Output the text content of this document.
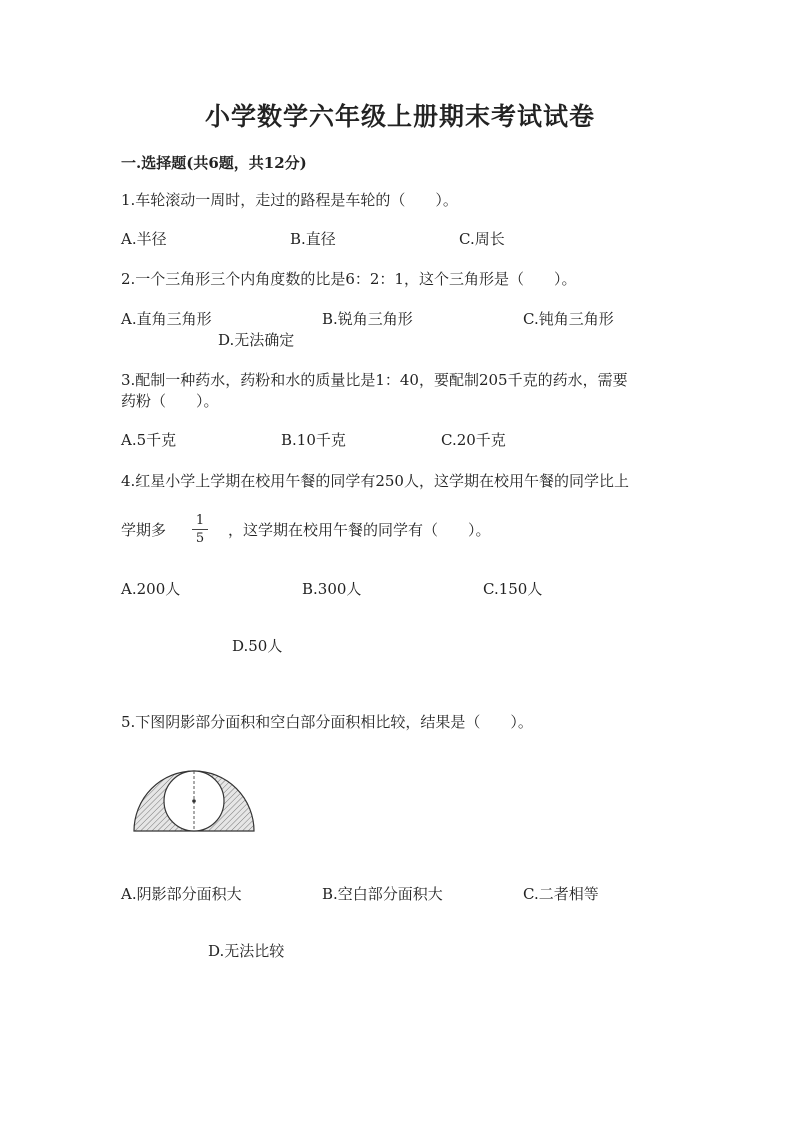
小学数学六年级上册期末考试试卷
一.选择题(共6题，共12分)
1.车轮滚动一周时，走过的路程是车轮的（　　）。
A.半径	B.直径	C.周长
2.一个三角形三个内角度数的比是6：2：1，这个三角形是（　　）。
A.直角三角形	B.锐角三角形	C.钝角三角形
D.无法确定
3.配制一种药水，药粉和水的质量比是1：40，要配制205千克的药水，需要
药粉（　　）。
A.5千克	B.10千克	C.20千克
4.红星小学上学期在校用午餐的同学有250人，这学期在校用午餐的同学比上
学期多
1
5	，这学期在校用午餐的同学有（　　）。
A.200人	B.300人	C.150人
D.50人
5.下图阴影部分面积和空白部分面积相比较，结果是（　　）。
A.阴影部分面积大	B.空白部分面积大	C.二者相等
D.无法比较
